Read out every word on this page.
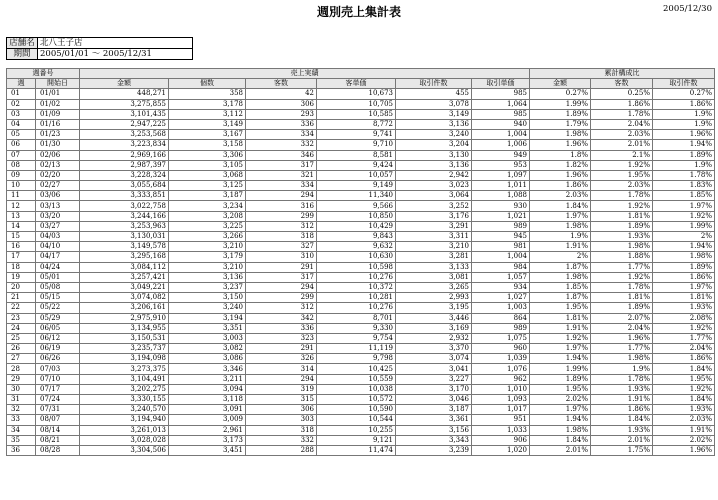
週別売上集計表	2005/12/30
店舗名	北八王子店
期間	2005/01/01 ～ 2005/12/31
週番号		売上実績						累計構成比		
週	開始日	金額	個数	客数	客単価	取引件数	取引単価	金額	客数	取引件数
01	01/01	448,271	358	42	10,673	455	985	0.27%	0.25%	0.27%
02	01/02	3,275,855	3,178	306	10,705	3,078	1,064	1.99%	1.86%	1.86%
03	01/09	3,101,435	3,112	293	10,585	3,149	985	1.89%	1.78%	1.9%
04	01/16	2,947,225	3,149	336	8,772	3,136	940	1.79%	2.04%	1.9%
05	01/23	3,253,568	3,167	334	9,741	3,240	1,004	1.98%	2.03%	1.96%
06	01/30	3,223,834	3,158	332	9,710	3,204	1,006	1.96%	2.01%	1.94%
07	02/06	2,969,166	3,306	346	8,581	3,130	949	1.8%	2.1%	1.89%
08	02/13	2,987,397	3,105	317	9,424	3,136	953	1.82%	1.92%	1.9%
09	02/20	3,228,324	3,068	321	10,057	2,942	1,097	1.96%	1.95%	1.78%
10	02/27	3,055,684	3,125	334	9,149	3,023	1,011	1.86%	2.03%	1.83%
11	03/06	3,333,851	3,187	294	11,340	3,064	1,088	2.03%	1.78%	1.85%
12	03/13	3,022,758	3,234	316	9,566	3,252	930	1.84%	1.92%	1.97%
13	03/20	3,244,166	3,208	299	10,850	3,176	1,021	1.97%	1.81%	1.92%
14	03/27	3,253,963	3,225	312	10,429	3,291	989	1.98%	1.89%	1.99%
15	04/03	3,130,031	3,266	318	9,843	3,311	945	1.9%	1.93%	2%
16	04/10	3,149,578	3,210	327	9,632	3,210	981	1.91%	1.98%	1.94%
17	04/17	3,295,168	3,179	310	10,630	3,281	1,004	2%	1.88%	1.98%
18	04/24	3,084,112	3,210	291	10,598	3,133	984	1.87%	1.77%	1.89%
19	05/01	3,257,421	3,136	317	10,276	3,081	1,057	1.98%	1.92%	1.86%
20	05/08	3,049,221	3,237	294	10,372	3,265	934	1.85%	1.78%	1.97%
21	05/15	3,074,082	3,150	299	10,281	2,993	1,027	1.87%	1.81%	1.81%
22	05/22	3,206,161	3,240	312	10,276	3,195	1,003	1.95%	1.89%	1.93%
23	05/29	2,975,910	3,194	342	8,701	3,446	864	1.81%	2.07%	2.08%
24	06/05	3,134,955	3,351	336	9,330	3,169	989	1.91%	2.04%	1.92%
25	06/12	3,150,531	3,003	323	9,754	2,932	1,075	1.92%	1.96%	1.77%
26	06/19	3,235,737	3,082	291	11,119	3,370	960	1.97%	1.77%	2.04%
27	06/26	3,194,098	3,086	326	9,798	3,074	1,039	1.94%	1.98%	1.86%
28	07/03	3,273,375	3,346	314	10,425	3,041	1,076	1.99%	1.9%	1.84%
29	07/10	3,104,491	3,211	294	10,559	3,227	962	1.89%	1.78%	1.95%
30	07/17	3,202,275	3,094	319	10,038	3,170	1,010	1.95%	1.93%	1.92%
31	07/24	3,330,155	3,118	315	10,572	3,046	1,093	2.02%	1.91%	1.84%
32	07/31	3,240,570	3,091	306	10,590	3,187	1,017	1.97%	1.86%	1.93%
33	08/07	3,194,940	3,009	303	10,544	3,361	951	1.94%	1.84%	2.03%
34	08/14	3,261,013	2,961	318	10,255	3,156	1,033	1.98%	1.93%	1.91%
35	08/21	3,028,028	3,173	332	9,121	3,343	906	1.84%	2.01%	2.02%
36	08/28	3,304,506	3,451	288	11,474	3,239	1,020	2.01%	1.75%	1.96%
